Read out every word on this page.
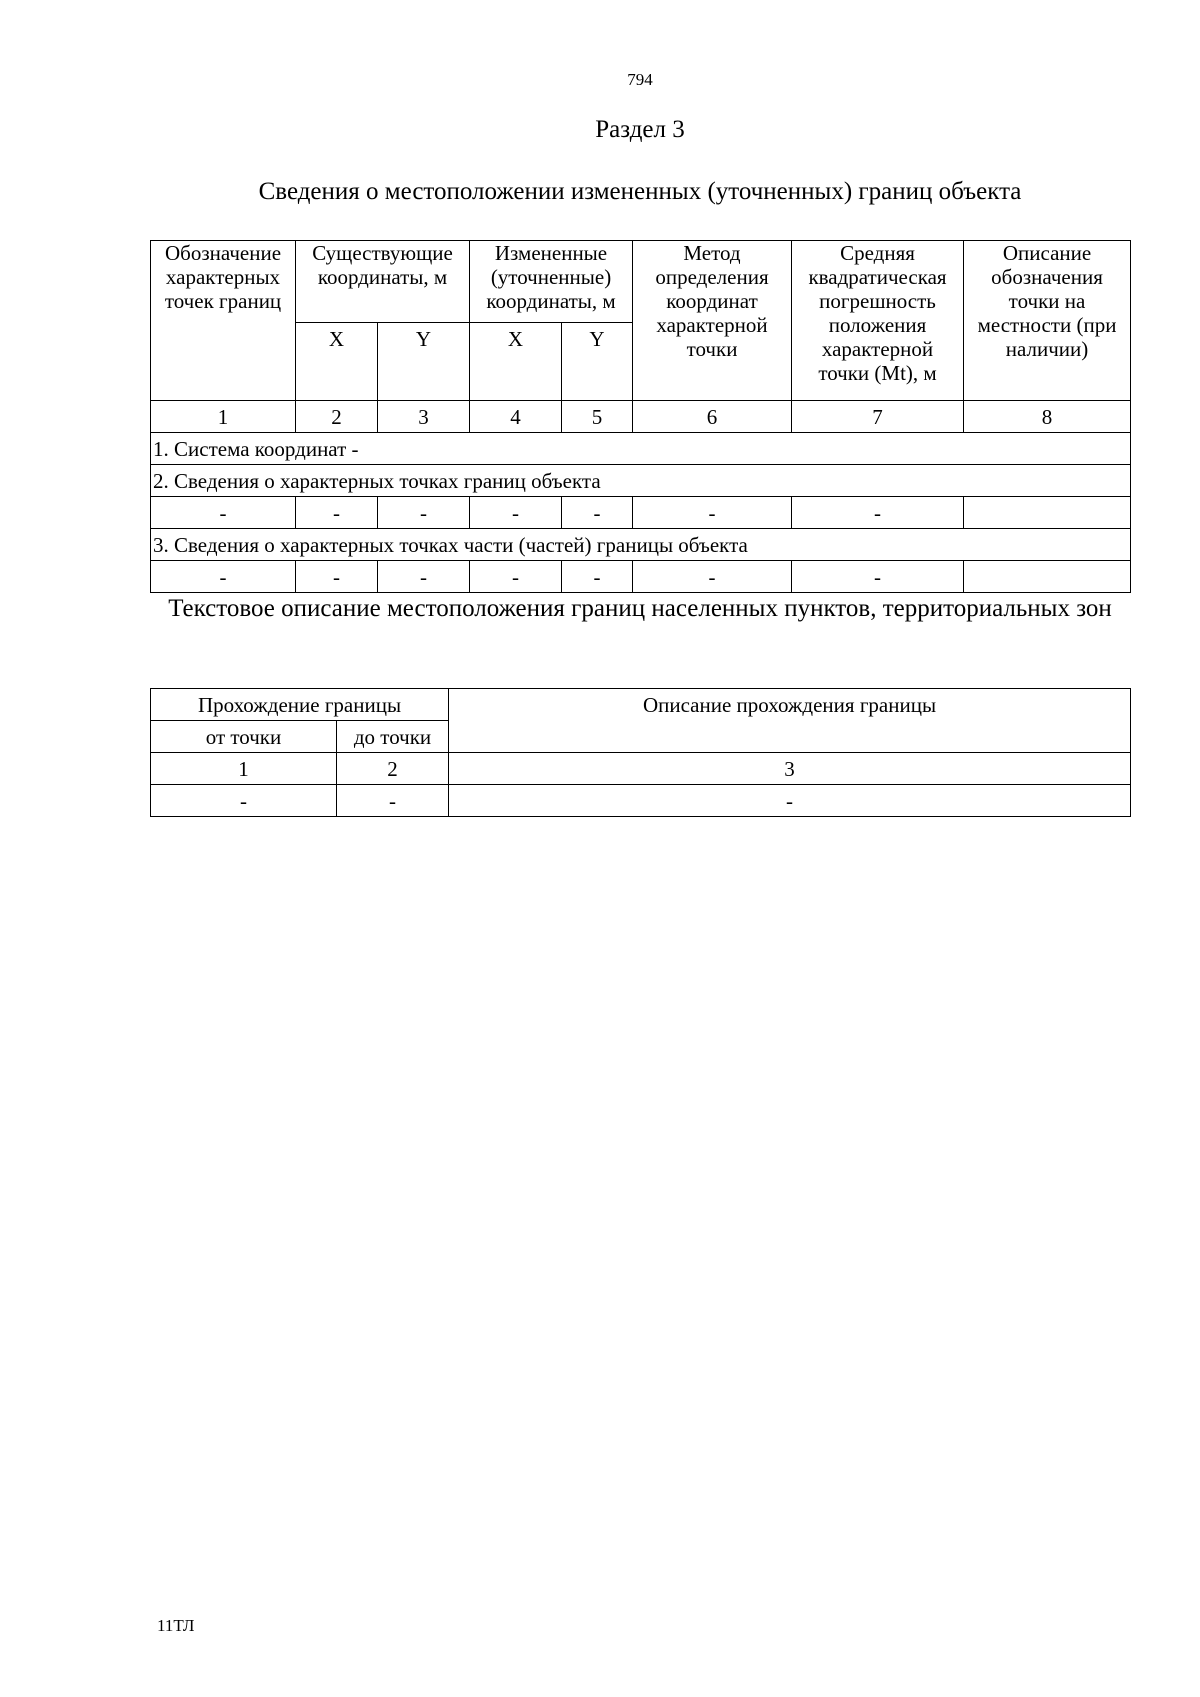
794
Раздел 3
Сведения о местоположении измененных (уточненных) границ объекта
Обозначение характерных точек границ	Существующие координаты, м		Измененные (уточненные) координаты, м		Метод определения координат характерной точки	Средняя квадратическая погрешность положения характерной точки (Mt), м	Описание обозначения точки на местности (при наличии)
	X	Y	X	Y			
1	2	3	4	5	6	7	8
1. Система координат -							
2. Сведения о характерных точках границ объекта							
-	-	-	-	-	-	-	
3. Сведения о характерных точках части (частей) границы объекта							
-	-	-	-	-	-	-	
Текстовое описание местоположения границ населенных пунктов, территориальных зон
Прохождение границы		Описание прохождения границы
от точки	до точки	
1	2	3
-	-	-
11ТЛ
